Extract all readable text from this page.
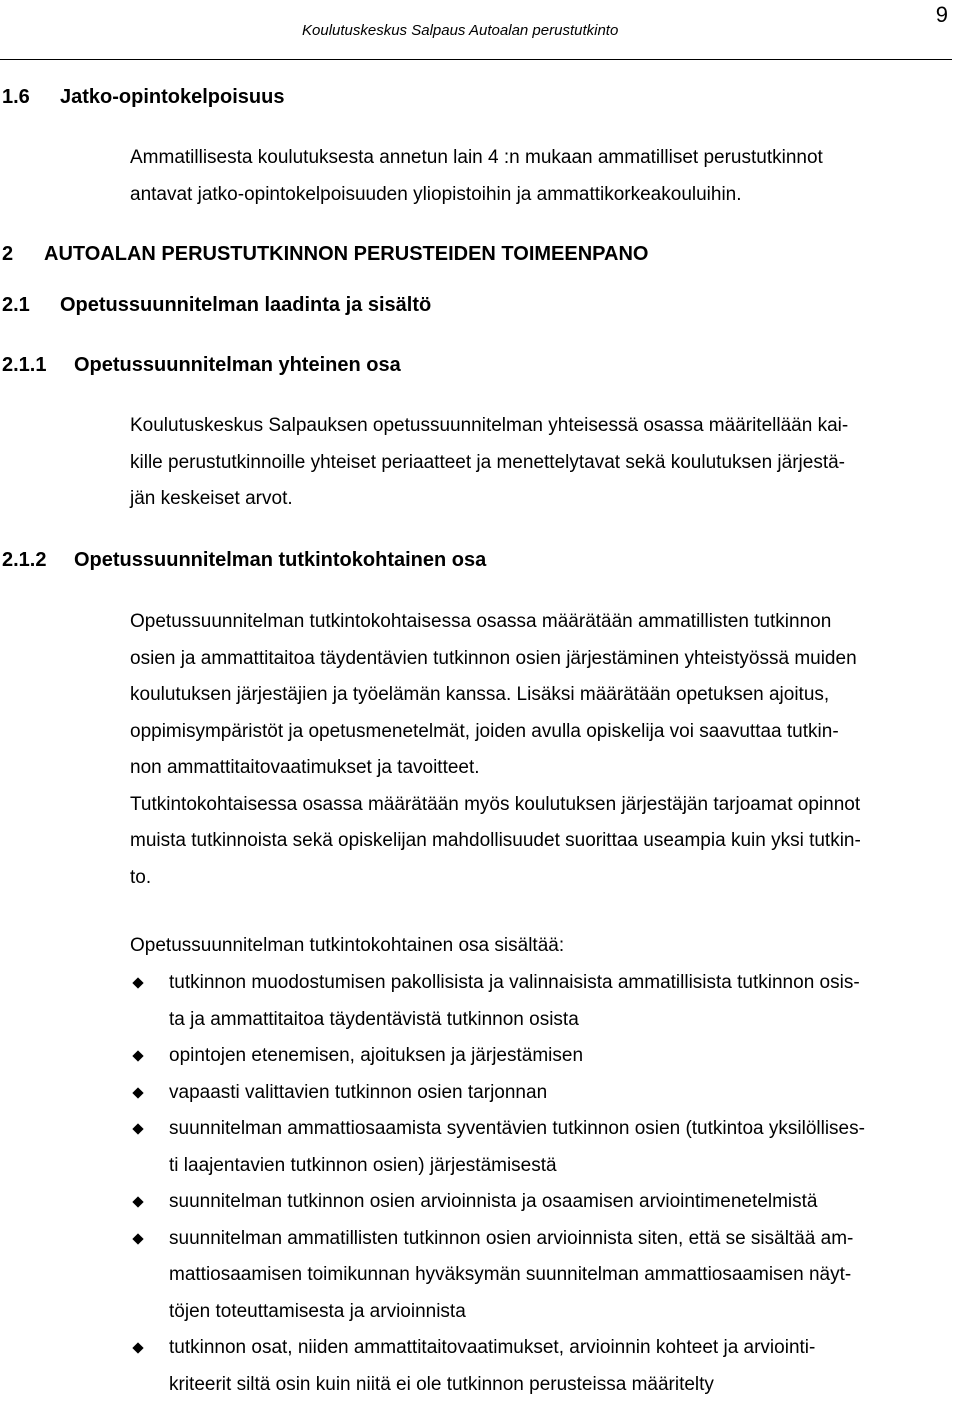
9
Koulutuskeskus Salpaus Autoalan perustutkinto
1.6 Jatko-opintokelpoisuus
Ammatillisesta koulutuksesta annetun lain 4 :n mukaan ammatilliset perustutkinnot
antavat jatko-opintokelpoisuuden yliopistoihin ja ammattikorkeakouluihin.
2 AUTOALAN PERUSTUTKINNON PERUSTEIDEN TOIMEENPANO
2.1 Opetussuunnitelman laadinta ja sisältö
2.1.1 Opetussuunnitelman yhteinen osa
Koulutuskeskus Salpauksen opetussuunnitelman yhteisessä osassa määritellään kai-
kille perustutkinnoille yhteiset periaatteet ja menettelytavat sekä koulutuksen järjestä-
jän keskeiset arvot.
2.1.2 Opetussuunnitelman tutkintokohtainen osa
Opetussuunnitelman tutkintokohtaisessa osassa määrätään ammatillisten tutkinnon
osien ja ammattitaitoa täydentävien tutkinnon osien järjestäminen yhteistyössä muiden
koulutuksen järjestäjien ja työelämän kanssa. Lisäksi määrätään opetuksen ajoitus,
oppimisympäristöt ja opetusmenetelmät, joiden avulla opiskelija voi saavuttaa tutkin-
non ammattitaitovaatimukset ja tavoitteet.
Tutkintokohtaisessa osassa määrätään myös koulutuksen järjestäjän tarjoamat opinnot
muista tutkinnoista sekä opiskelijan mahdollisuudet suorittaa useampia kuin yksi tutkin-
to.
Opetussuunnitelman tutkintokohtainen osa sisältää:
tutkinnon muodostumisen pakollisista ja valinnaisista ammatillisista tutkinnon osis-
ta ja ammattitaitoa täydentävistä tutkinnon osista
opintojen etenemisen, ajoituksen ja järjestämisen
vapaasti valittavien tutkinnon osien tarjonnan
suunnitelman ammattiosaamista syventävien tutkinnon osien (tutkintoa yksilöllises-
ti laajentavien tutkinnon osien) järjestämisestä
suunnitelman tutkinnon osien arvioinnista ja osaamisen arviointimenetelmistä
suunnitelman ammatillisten tutkinnon osien arvioinnista siten, että se sisältää am-
mattiosaamisen toimikunnan hyväksymän suunnitelman ammattiosaamisen näyt-
töjen toteuttamisesta ja arvioinnista
tutkinnon osat, niiden ammattitaitovaatimukset, arvioinnin kohteet ja arviointi-
kriteerit siltä osin kuin niitä ei ole tutkinnon perusteissa määritelty
